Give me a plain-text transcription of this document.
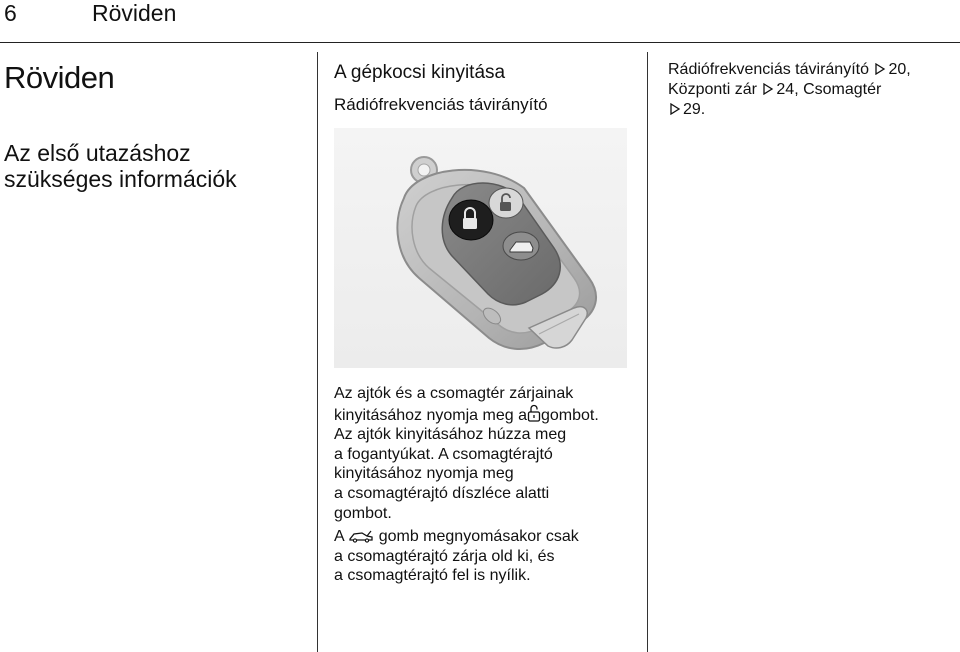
6	Röviden
Röviden
Az első utazáshoz
szükséges információk
A gépkocsi kinyitása
Rádiófrekvenciás távirányító

Az ajtók és a csomagtér zárjainak
kinyitásához nyomja meg a gombot.
Az ajtók kinyitásához húzza meg
a fogantyúkat. A csomagtérajtó
kinyitásához nyomja meg
a csomagtérajtó díszléce alatti
gombot.

A gomb megnyomásakor csak
a csomagtérajtó zárja old ki, és
a csomagtérajtó fel is nyílik.

Rádiófrekvenciás távirányító 20,
Központi zár 24, Csomagtér
29.
